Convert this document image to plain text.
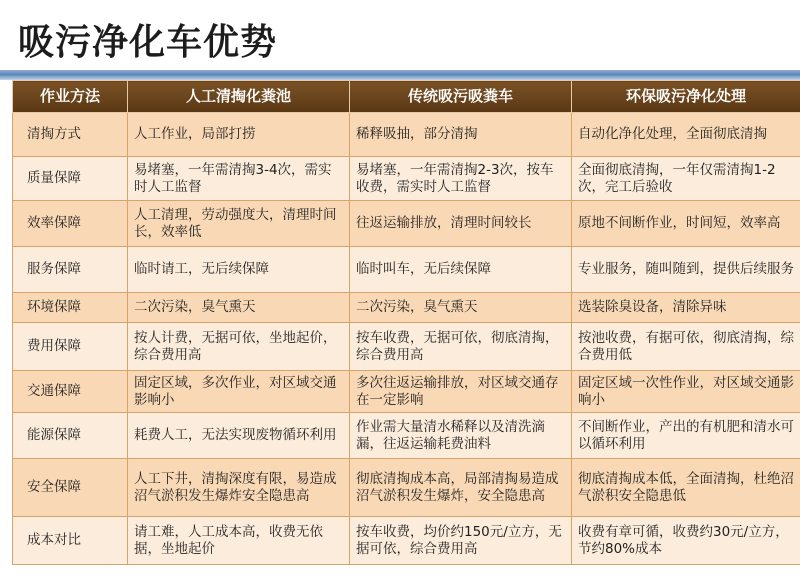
吸污净化车优势
作业方法	人工清掏化粪池	传统吸污吸粪车	环保吸污净化处理
清掏方式	人工作业，局部打捞	稀释吸抽，部分清掏	自动化净化处理，全面彻底清掏
质量保障	易堵塞，一年需清掏3-4次，需实时人工监督	易堵塞，一年需清掏2-3次，按车收费，需实时人工监督	全面彻底清掏，一年仅需清掏1-2次，完工后验收
效率保障	人工清理，劳动强度大，清理时间长，效率低	往返运输排放，清理时间较长	原地不间断作业，时间短，效率高
服务保障	临时请工，无后续保障	临时叫车，无后续保障	专业服务，随叫随到，提供后续服务
环境保障	二次污染，臭气熏天	二次污染，臭气熏天	选装除臭设备，清除异味
费用保障	按人计费，无据可依，坐地起价，综合费用高	按车收费，无据可依，彻底清掏，综合费用高	按池收费，有据可依，彻底清掏，综合费用低
交通保障	固定区域，多次作业，对区域交通影响小	多次往返运输排放，对区域交通存在一定影响	固定区域一次性作业，对区域交通影响小
能源保障	耗费人工，无法实现废物循环利用	作业需大量清水稀释以及清洗滴漏，往返运输耗费油料	不间断作业，产出的有机肥和清水可以循环利用
安全保障	人工下井，清掏深度有限，易造成沼气淤积发生爆炸安全隐患高	彻底清掏成本高，局部清掏易造成沼气淤积发生爆炸，安全隐患高	彻底清掏成本低，全面清掏，杜绝沼气淤积安全隐患低
成本对比	请工难，人工成本高，收费无依据，坐地起价	按车收费，均价约150元/立方，无据可依，综合费用高	收费有章可循，收费约30元/立方，节约80%成本
